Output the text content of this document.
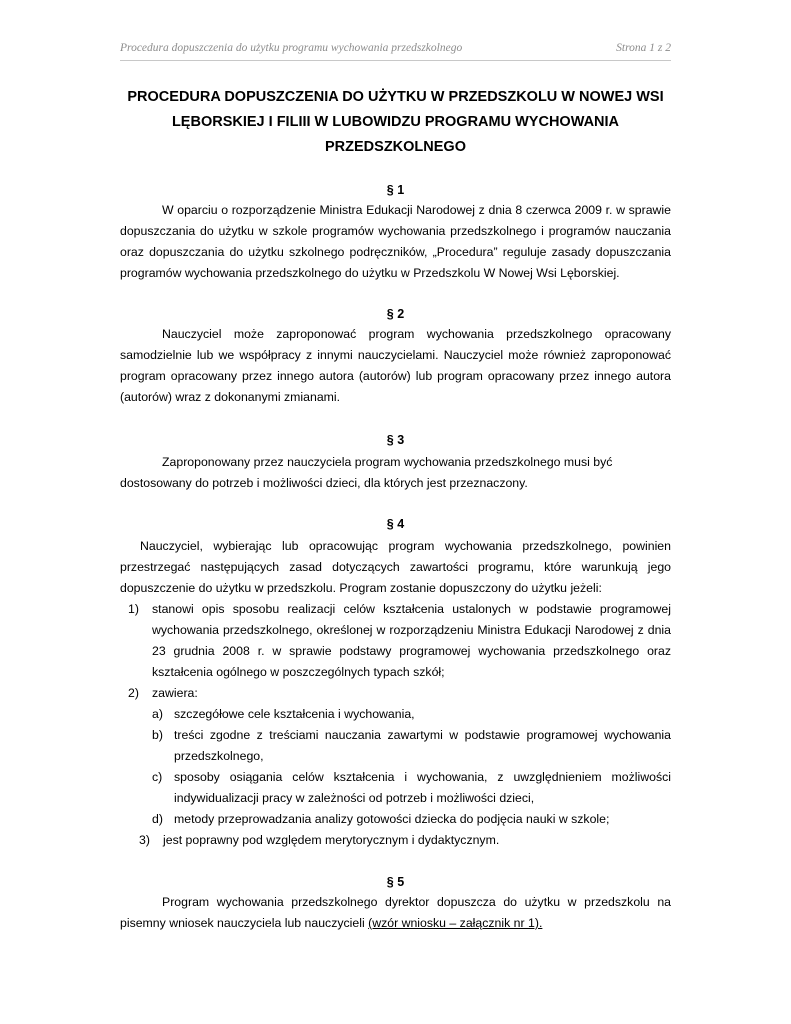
Procedura dopuszczenia do użytku programu wychowania przedszkolnego	Strona 1 z 2
PROCEDURA DOPUSZCZENIA DO UŻYTKU W PRZEDSZKOLU W NOWEJ WSI
LĘBORSKIEJ I FILIII W LUBOWIDZU PROGRAMU WYCHOWANIA
PRZEDSZKOLNEGO
§ 1
W oparciu o rozporządzenie Ministra Edukacji Narodowej z dnia 8 czerwca 2009 r. w sprawie dopuszczania do użytku w szkole programów wychowania przedszkolnego i programów nauczania oraz dopuszczania do użytku szkolnego podręczników, „Procedura” reguluje zasady dopuszczania programów wychowania przedszkolnego do użytku w Przedszkolu W Nowej Wsi Lęborskiej.
§ 2
Nauczyciel może zaproponować program wychowania przedszkolnego opracowany samodzielnie lub we współpracy z innymi nauczycielami. Nauczyciel może również zaproponować program opracowany przez innego autora (autorów) lub program opracowany przez innego autora (autorów) wraz z dokonanymi zmianami.
§ 3
Zaproponowany przez nauczyciela program wychowania przedszkolnego musi być
dostosowany do potrzeb i możliwości dzieci, dla których jest przeznaczony.
§ 4
Nauczyciel, wybierając lub opracowując program wychowania przedszkolnego, powinien przestrzegać następujących zasad dotyczących zawartości programu, które warunkują jego dopuszczenie do użytku w przedszkolu. Program zostanie dopuszczony do użytku jeżeli:
1) stanowi opis sposobu realizacji celów kształcenia ustalonych w podstawie programowej wychowania przedszkolnego, określonej w rozporządzeniu Ministra Edukacji Narodowej z dnia 23 grudnia 2008 r. w sprawie podstawy programowej wychowania przedszkolnego oraz kształcenia ogólnego w poszczególnych typach szkół;
2) zawiera:
a) szczegółowe cele kształcenia i wychowania,
b) treści zgodne z treściami nauczania zawartymi w podstawie programowej wychowania przedszkolnego,
c) sposoby osiągania celów kształcenia i wychowania, z uwzględnieniem możliwości indywidualizacji pracy w zależności od potrzeb i możliwości dzieci,
d) metody przeprowadzania analizy gotowości dziecka do podjęcia nauki w szkole;
3) jest poprawny pod względem merytorycznym i dydaktycznym.
§ 5
Program wychowania przedszkolnego dyrektor dopuszcza do użytku w przedszkolu na pisemny wniosek nauczyciela lub nauczycieli (wzór wniosku – załącznik nr 1).
